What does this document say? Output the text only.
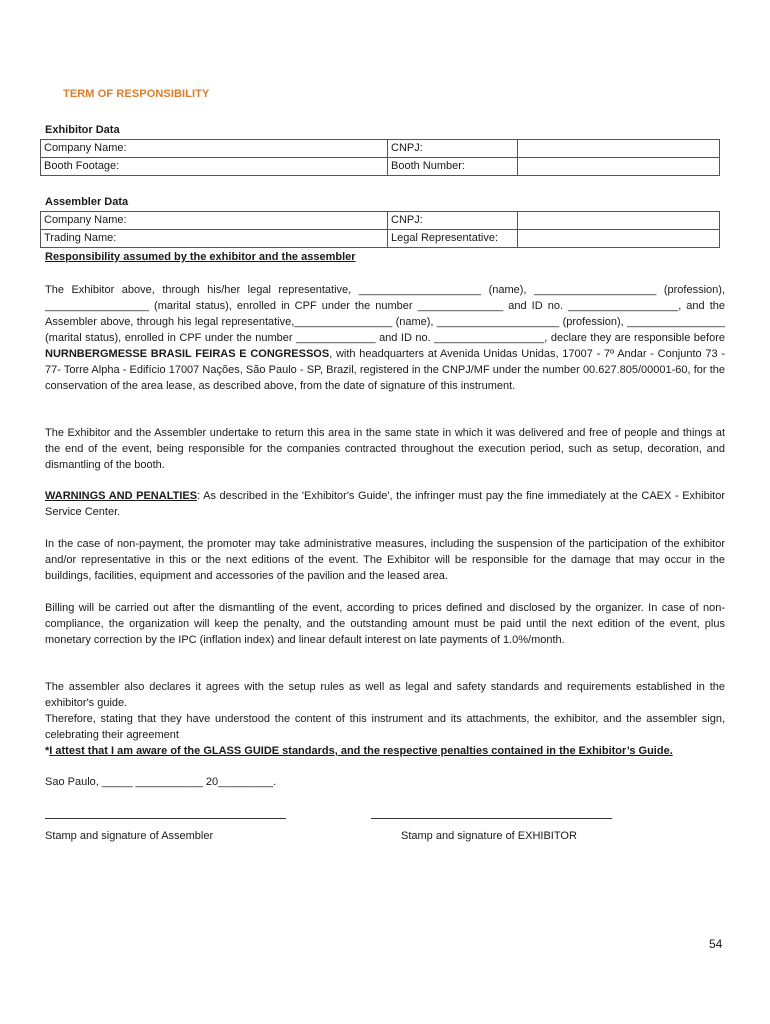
TERM OF RESPONSIBILITY
Exhibitor Data
Company Name:	CNPJ:	
Booth Footage:	Booth Number:	
Assembler Data
Company Name:	CNPJ:	
Trading Name:	Legal Representative:	
Responsibility assumed by the exhibitor and the assembler
The Exhibitor above, through his/her legal representative, ____________________ (name), ____________________ (profession), _________________ (marital status), enrolled in CPF under the number ______________ and ID no. __________________, and the Assembler above, through his legal representative,________________ (name), ____________________ (profession), ________________ (marital status), enrolled in CPF under the number _____________ and ID no. __________________, declare they are responsible before NURNBERGMESSE BRASIL FEIRAS E CONGRESSOS, with headquarters at Avenida Unidas Unidas, 17007 - 7º Andar - Conjunto 73 - 77- Torre Alpha - Edifício 17007 Nações, São Paulo - SP, Brazil, registered in the CNPJ/MF under the number 00.627.805/00001-60, for the conservation of the area lease, as described above, from the date of signature of this instrument.
The Exhibitor and the Assembler undertake to return this area in the same state in which it was delivered and free of people and things at the end of the event, being responsible for the companies contracted throughout the execution period, such as setup, decoration, and dismantling of the booth.
WARNINGS AND PENALTIES: As described in the 'Exhibitor's Guide', the infringer must pay the fine immediately at the CAEX - Exhibitor Service Center.
In the case of non-payment, the promoter may take administrative measures, including the suspension of the participation of the exhibitor and/or representative in this or the next editions of the event. The Exhibitor will be responsible for the damage that may occur in the buildings, facilities, equipment and accessories of the pavilion and the leased area.
Billing will be carried out after the dismantling of the event, according to prices defined and disclosed by the organizer. In case of non-compliance, the organization will keep the penalty, and the outstanding amount must be paid until the next edition of the event, plus monetary correction by the IPC (inflation index) and linear default interest on late payments of 1.0%/month.
The assembler also declares it agrees with the setup rules as well as legal and safety standards and requirements established in the exhibitor's guide.
Therefore, stating that they have understood the content of this instrument and its attachments, the exhibitor, and the assembler sign, celebrating their agreement
*I attest that I am aware of the GLASS GUIDE standards, and the respective penalties contained in the Exhibitor’s Guide.
Sao Paulo, _____ ___________ 20_________.
Stamp and signature of Assembler	Stamp and signature of EXHIBITOR
54
